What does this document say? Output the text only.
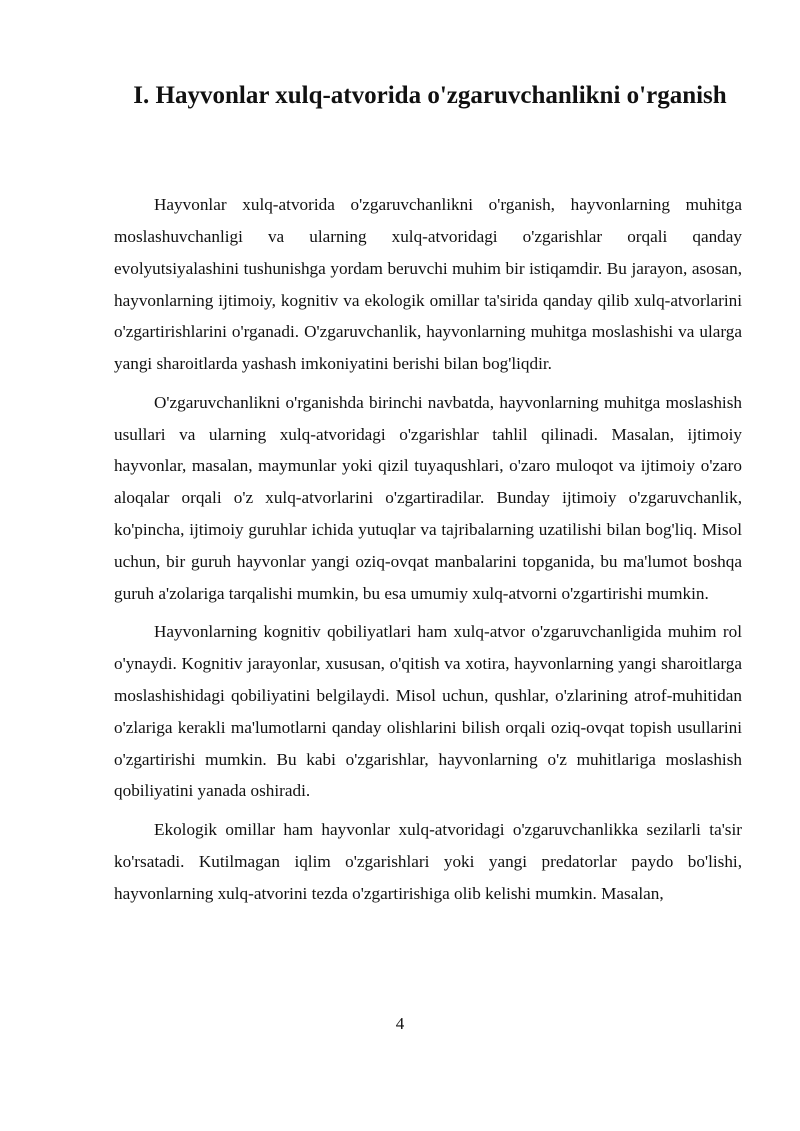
I. Hayvonlar xulq-atvorida o'zgaruvchanlikni o'rganish

Hayvonlar xulq-atvorida o'zgaruvchanlikni o'rganish, hayvonlarning muhitga moslashuvchanligi va ularning xulq-atvoridagi o'zgarishlar orqali qanday evolyutsiyalashini tushunishga yordam beruvchi muhim bir istiqamdir. Bu jarayon, asosan, hayvonlarning ijtimoiy, kognitiv va ekologik omillar ta'sirida qanday qilib xulq-atvorlarini o'zgartirishlarini o'rganadi. O'zgaruvchanlik, hayvonlarning muhitga moslashishi va ularga yangi sharoitlarda yashash imkoniyatini berishi bilan bog'liqdir.

O'zgaruvchanlikni o'rganishda birinchi navbatda, hayvonlarning muhitga moslashish usullari va ularning xulq-atvoridagi o'zgarishlar tahlil qilinadi. Masalan, ijtimoiy hayvonlar, masalan, maymunlar yoki qizil tuyaqushlari, o'zaro muloqot va ijtimoiy o'zaro aloqalar orqali o'z xulq-atvorlarini o'zgartiradilar. Bunday ijtimoiy o'zgaruvchanlik, ko'pincha, ijtimoiy guruhlar ichida yutuqlar va tajribalarning uzatilishi bilan bog'liq. Misol uchun, bir guruh hayvonlar yangi oziq-ovqat manbalarini topganida, bu ma'lumot boshqa guruh a'zolariga tarqalishi mumkin, bu esa umumiy xulq-atvorni o'zgartirishi mumkin.

Hayvonlarning kognitiv qobiliyatlari ham xulq-atvor o'zgaruvchanligida muhim rol o'ynaydi. Kognitiv jarayonlar, xususan, o'qitish va xotira, hayvonlarning yangi sharoitlarga moslashishidagi qobiliyatini belgilaydi. Misol uchun, qushlar, o'zlarining atrof-muhitidan o'zlariga kerakli ma'lumotlarni qanday olishlarini bilish orqali oziq-ovqat topish usullarini o'zgartirishi mumkin. Bu kabi o'zgarishlar, hayvonlarning o'z muhitlariga moslashish qobiliyatini yanada oshiradi.

Ekologik omillar ham hayvonlar xulq-atvoridagi o'zgaruvchanlikka sezilarli ta'sir ko'rsatadi. Kutilmagan iqlim o'zgarishlari yoki yangi predatorlar paydo bo'lishi, hayvonlarning xulq-atvorini tezda o'zgartirishiga olib kelishi mumkin. Masalan,

4
